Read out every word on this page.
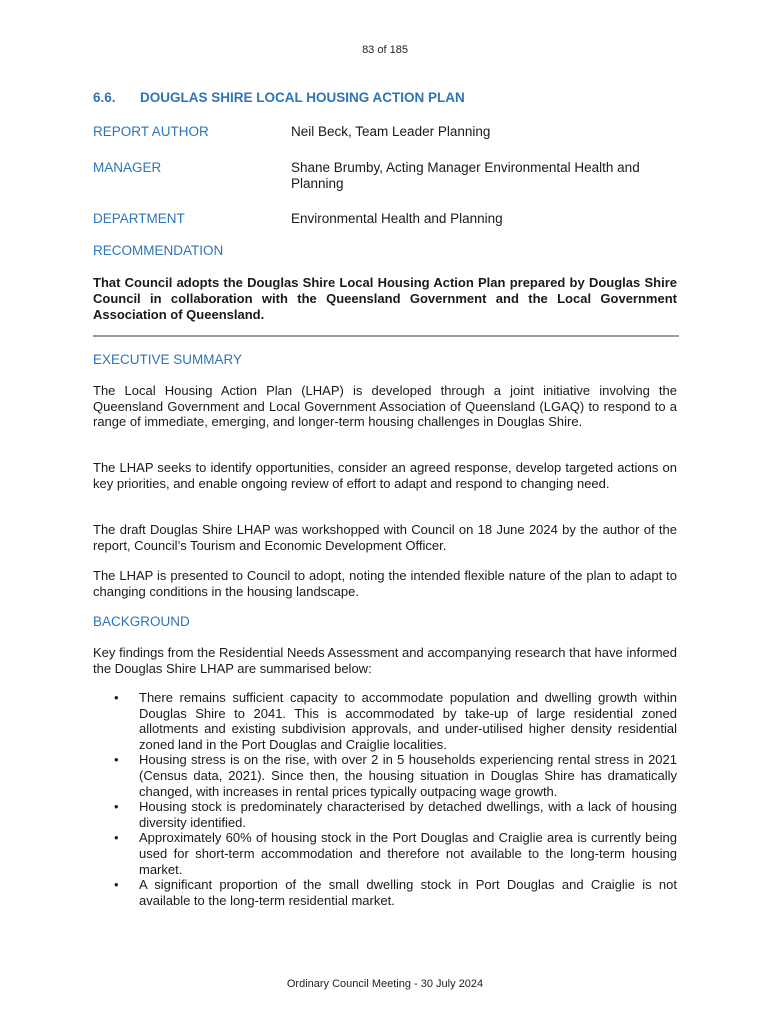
83 of 185
6.6. DOUGLAS SHIRE LOCAL HOUSING ACTION PLAN
REPORT AUTHOR	Neil Beck, Team Leader Planning
MANAGER	Shane Brumby, Acting Manager Environmental Health and Planning
DEPARTMENT	Environmental Health and Planning
RECOMMENDATION
That Council adopts the Douglas Shire Local Housing Action Plan prepared by Douglas Shire Council in collaboration with the Queensland Government and the Local Government Association of Queensland.
EXECUTIVE SUMMARY
The Local Housing Action Plan (LHAP) is developed through a joint initiative involving the Queensland Government and Local Government Association of Queensland (LGAQ) to respond to a range of immediate, emerging, and longer-term housing challenges in Douglas Shire.
The LHAP seeks to identify opportunities, consider an agreed response, develop targeted actions on key priorities, and enable ongoing review of effort to adapt and respond to changing need.
The draft Douglas Shire LHAP was workshopped with Council on 18 June 2024 by the author of the report, Council’s Tourism and Economic Development Officer.
The LHAP is presented to Council to adopt, noting the intended flexible nature of the plan to adapt to changing conditions in the housing landscape.
BACKGROUND
Key findings from the Residential Needs Assessment and accompanying research that have informed the Douglas Shire LHAP are summarised below:
• There remains sufficient capacity to accommodate population and dwelling growth within Douglas Shire to 2041. This is accommodated by take-up of large residential zoned allotments and existing subdivision approvals, and under-utilised higher density residential zoned land in the Port Douglas and Craiglie localities.
• Housing stress is on the rise, with over 2 in 5 households experiencing rental stress in 2021 (Census data, 2021). Since then, the housing situation in Douglas Shire has dramatically changed, with increases in rental prices typically outpacing wage growth.
• Housing stock is predominately characterised by detached dwellings, with a lack of housing diversity identified.
• Approximately 60% of housing stock in the Port Douglas and Craiglie area is currently being used for short-term accommodation and therefore not available to the long-term housing market.
• A significant proportion of the small dwelling stock in Port Douglas and Craiglie is not available to the long-term residential market.
Ordinary Council Meeting - 30 July 2024
